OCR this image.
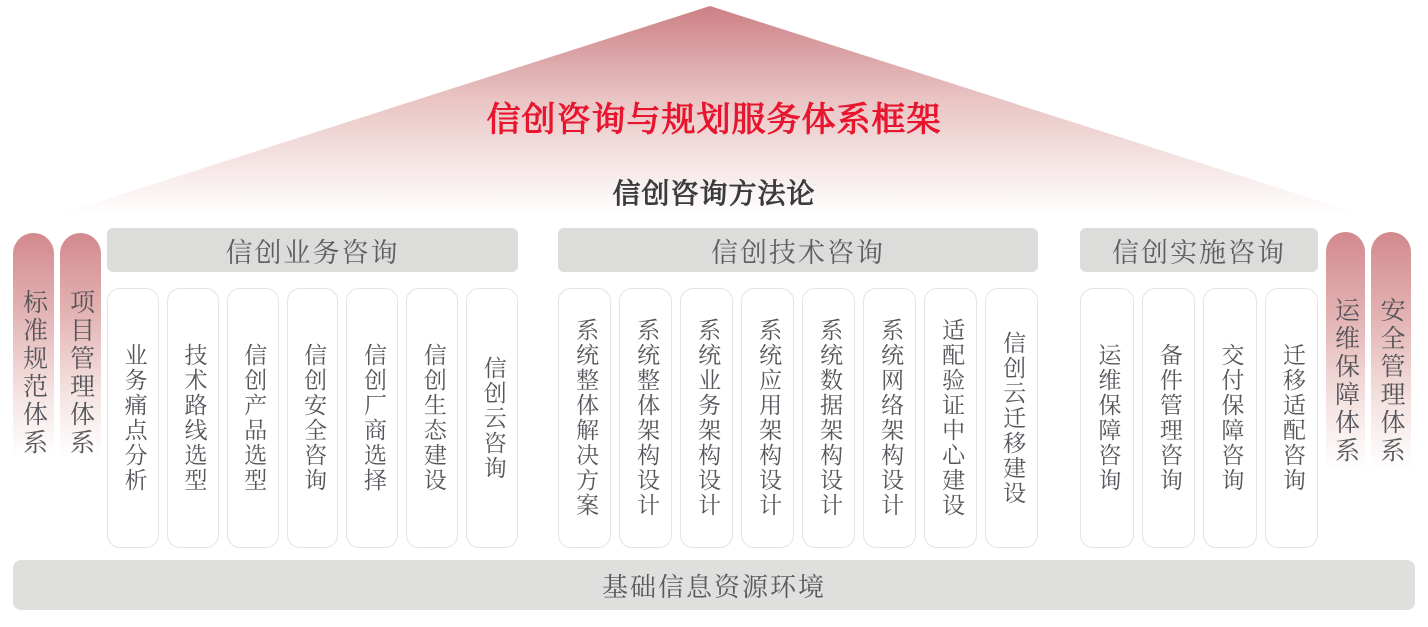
信创咨询与规划服务体系框架
信创咨询方法论
标准规范体系 项目管理体系
信创业务咨询
业务痛点分析 技术路线选型 信创产品选型 信创安全咨询 信创厂商选择 信创生态建设 信创云咨询
信创技术咨询
系统整体解决方案 系统整体架构设计 系统业务架构设计 系统应用架构设计 系统数据架构设计 系统网络架构设计 适配验证中心建设 信创云迁移建设
信创实施咨询
运维保障咨询 备件管理咨询 交付保障咨询 迁移适配咨询 运维保障体系 安全管理体系
基础信息资源环境
